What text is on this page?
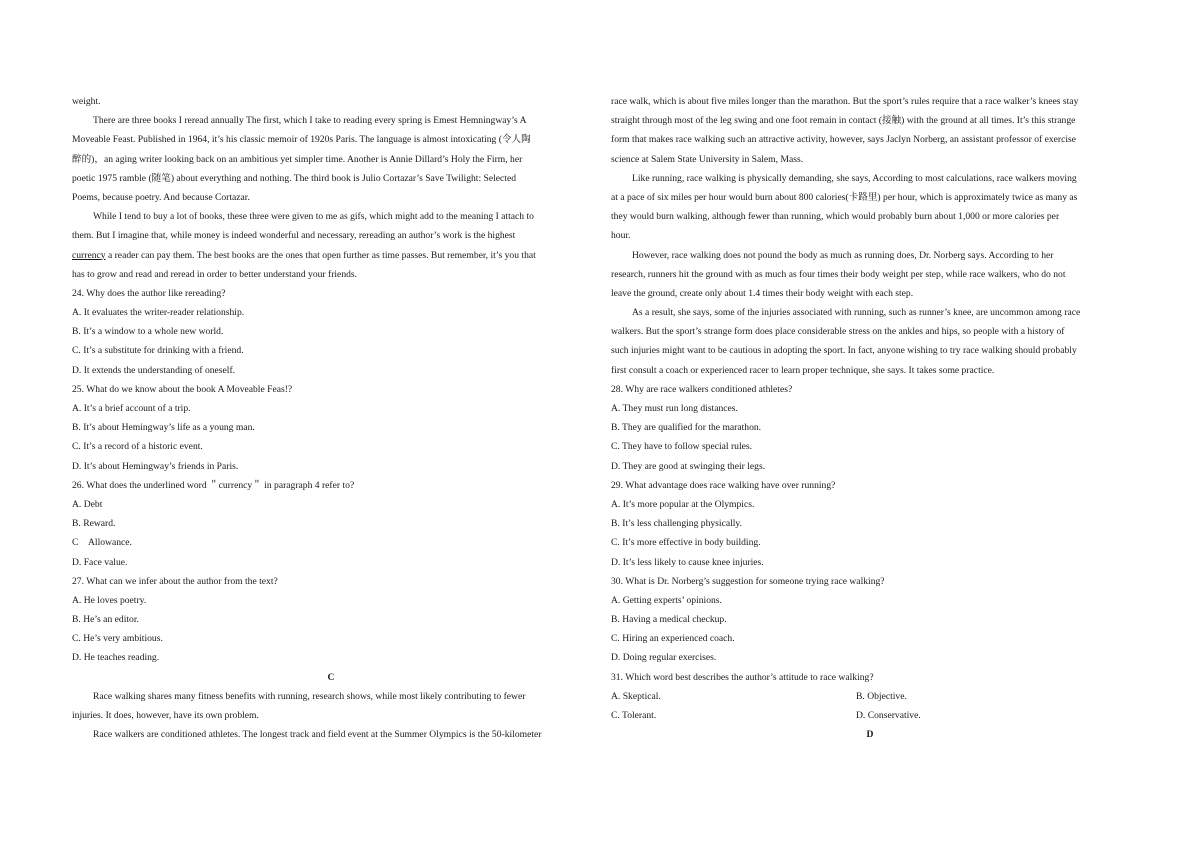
weight.
There are three books I reread annually The first, which I take to reading every spring is Emest Hemningway’s A
Moveable Feast. Published in 1964, it’s his classic memoir of 1920s Paris. The language is almost intoxicating (令人陶
醉的)，an aging writer looking back on an ambitious yet simpler time. Another is Annie Dillard’s Holy the Firm, her
poetic 1975 ramble (随笔) about everything and nothing. The third book is Julio Cortazar’s Save Twilight: Selected
Poems, because poetry. And because Cortazar.
While I tend to buy a lot of books, these three were given to me as gifs, which might add to the meaning I attach to
them. But I imagine that, while money is indeed wonderful and necessary, rereading an author’s work is the highest
currency a reader can pay them. The best books are the ones that open further as time passes. But remember, it’s you that
has to grow and read and reread in order to better understand your friends.
24. Why does the author like rereading?
A. It evaluates the writer-reader relationship.
B. It’s a window to a whole new world.
C. It’s a substitute for drinking with a friend.
D. It extends the understanding of oneself.
25. What do we know about the book A Moveable Feas!?
A. It’s a brief account of a trip.
B. It’s about Hemingway’s life as a young man.
C. It’s a record of a historic event.
D. It’s about Hemingway’s friends in Paris.
26. What does the underlined word ＂currency＂ in paragraph 4 refer to?
A. Debt
B. Reward.
C　Allowance.
D. Face value.
27. What can we infer about the author from the text?
A. He loves poetry.
B. He’s an editor.
C. He’s very ambitious.
D. He teaches reading.
C
Race walking shares many fitness benefits with running, research shows, while most likely contributing to fewer
injuries. It does, however, have its own problem.
Race walkers are conditioned athletes. The longest track and field event at the Summer Olympics is the 50-kilometer
race walk, which is about five miles longer than the marathon. But the sport’s rules require that a race walker’s knees stay
straight through most of the leg swing and one foot remain in contact (接触) with the ground at all times. It’s this strange
form that makes race walking such an attractive activity, however, says Jaclyn Norberg, an assistant professor of exercise
science at Salem State University in Salem, Mass.
Like running, race walking is physically demanding, she says, According to most calculations, race walkers moving
at a pace of six miles per hour would burn about 800 calories(卡路里) per hour, which is approximately twice as many as
they would burn walking, although fewer than running, which would probably burn about 1,000 or more calories per
hour.
However, race walking does not pound the body as much as running does, Dr. Norberg says. According to her
research, runners hit the ground with as much as four times their body weight per step, while race walkers, who do not
leave the ground, create only about 1.4 times their body weight with each step.
As a result, she says, some of the injuries associated with running, such as runner’s knee, are uncommon among race
walkers. But the sport’s strange form does place considerable stress on the ankles and hips, so people with a history of
such injuries might want to be cautious in adopting the sport. In fact, anyone wishing to try race walking should probably
first consult a coach or experienced racer to learn proper technique, she says. It takes some practice.
28. Why are race walkers conditioned athletes?
A. They must run long distances.
B. They are qualified for the marathon.
C. They have to follow special rules.
D. They are good at swinging their legs.
29. What advantage does race walking have over running?
A. It’s more popular at the Olympics.
B. It’s less challenging physically.
C. It’s more effective in body building.
D. It’s less likely to cause knee injuries.
30. What is Dr. Norberg’s suggestion for someone trying race walking?
A. Getting experts’ opinions.
B. Having a medical checkup.
C. Hiring an experienced coach.
D. Doing regular exercises.
31. Which word best describes the author’s attitude to race walking?
A. Skeptical.	B. Objective.
C. Tolerant.	D. Conservative.
D
